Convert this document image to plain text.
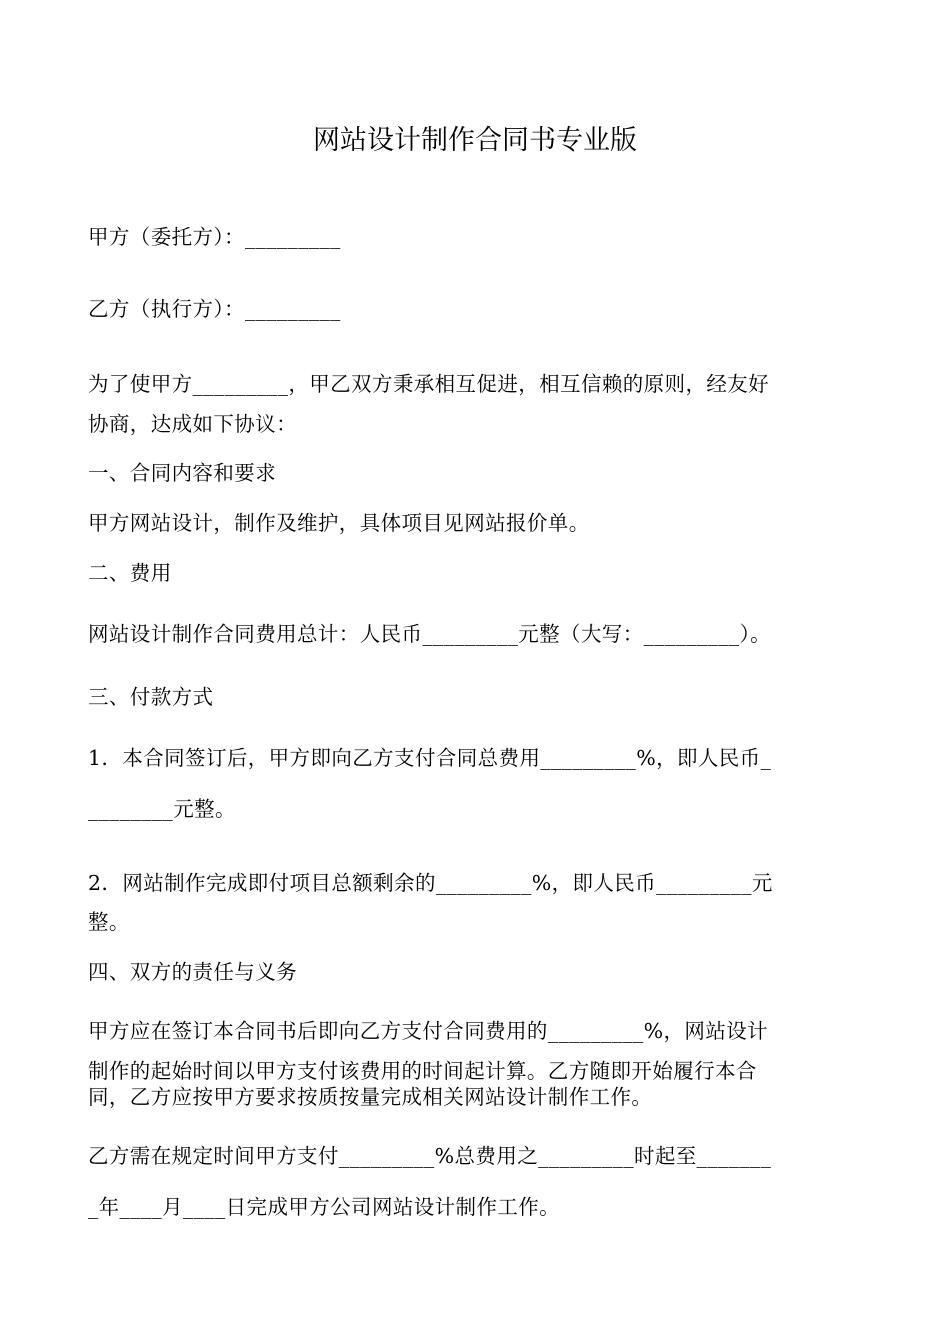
网站设计制作合同书专业版
甲方（委托方）：_________
乙方（执行方）：_________
为了使甲方_________，甲乙双方秉承相互促进，相互信赖的原则，经友好
协商，达成如下协议：
一、合同内容和要求
甲方网站设计，制作及维护，具体项目见网站报价单。
二、费用
网站设计制作合同费用总计：人民币_________元整（大写：_________）。
三、付款方式
1．本合同签订后，甲方即向乙方支付合同总费用_________%，即人民币_
________元整。
2．网站制作完成即付项目总额剩余的_________%，即人民币_________元
整。
四、双方的责任与义务
甲方应在签订本合同书后即向乙方支付合同费用的_________%，网站设计
制作的起始时间以甲方支付该费用的时间起计算。乙方随即开始履行本合
同，乙方应按甲方要求按质按量完成相关网站设计制作工作。
乙方需在规定时间甲方支付_________%总费用之_________时起至_______
_年____月____日完成甲方公司网站设计制作工作。
